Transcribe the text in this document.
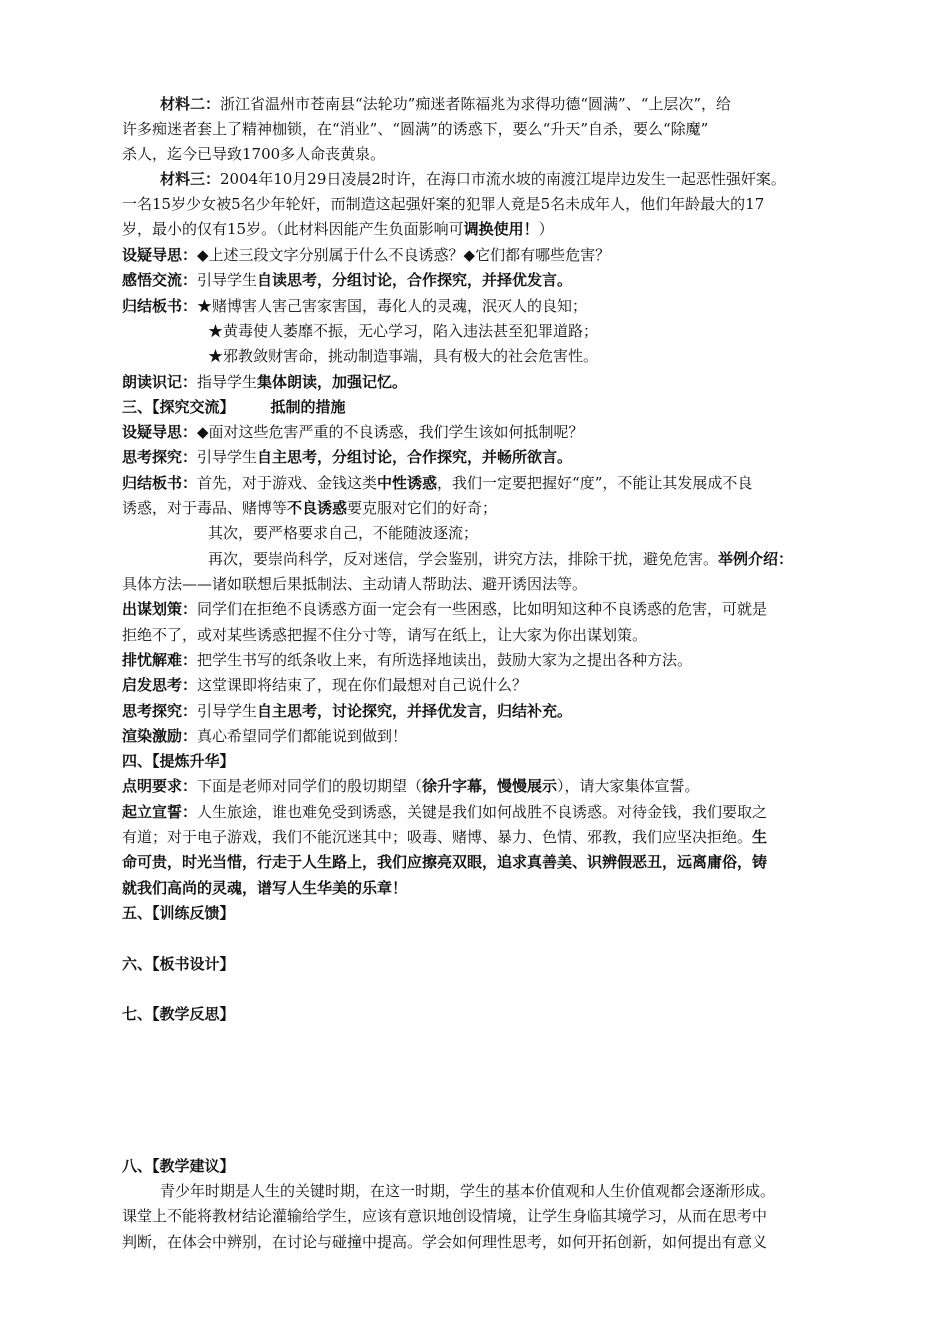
材料二：浙江省温州市苍南县“法轮功”痴迷者陈福兆为求得功德“圆满”、“上层次”，给
许多痴迷者套上了精神枷锁，在“消业”、“圆满”的诱惑下，要么“升天”自杀，要么“除魔”
杀人，迄今已导致1700多人命丧黄泉。
材料三：2004年10月29日凌晨2时许，在海口市流水坡的南渡江堤岸边发生一起恶性强奸案。
一名15岁少女被5名少年轮奸，而制造这起强奸案的犯罪人竟是5名未成年人，他们年龄最大的17
岁，最小的仅有15岁。（此材料因能产生负面影响可调换使用！）
设疑导思：◆上述三段文字分别属于什么不良诱惑？◆它们都有哪些危害？
感悟交流：引导学生自读思考，分组讨论，合作探究，并择优发言。
归结板书：★赌博害人害己害家害国，毒化人的灵魂，泯灭人的良知；
★黄毒使人萎靡不振，无心学习，陷入违法甚至犯罪道路；
★邪教敛财害命，挑动制造事端，具有极大的社会危害性。
朗读识记：指导学生集体朗读，加强记忆。
三、【探究交流】 抵制的措施
设疑导思：◆面对这些危害严重的不良诱惑，我们学生该如何抵制呢？
思考探究：引导学生自主思考，分组讨论，合作探究，并畅所欲言。
归结板书：首先，对于游戏、金钱这类中性诱惑，我们一定要把握好“度”，不能让其发展成不良
诱惑，对于毒品、赌博等不良诱惑要克服对它们的好奇；
其次，要严格要求自己，不能随波逐流；
再次，要崇尚科学，反对迷信，学会鉴别，讲究方法，排除干扰，避免危害。举例介绍：
具体方法——诸如联想后果抵制法、主动请人帮助法、避开诱因法等。
出谋划策：同学们在拒绝不良诱惑方面一定会有一些困惑，比如明知这种不良诱惑的危害，可就是
拒绝不了，或对某些诱惑把握不住分寸等，请写在纸上，让大家为你出谋划策。
排忧解难：把学生书写的纸条收上来，有所选择地读出，鼓励大家为之提出各种方法。
启发思考：这堂课即将结束了，现在你们最想对自己说什么？
思考探究：引导学生自主思考，讨论探究，并择优发言，归结补充。
渲染激励：真心希望同学们都能说到做到！
四、【提炼升华】
点明要求：下面是老师对同学们的殷切期望（徐升字幕，慢慢展示），请大家集体宣誓。
起立宣誓：人生旅途，谁也难免受到诱惑，关键是我们如何战胜不良诱惑。对待金钱，我们要取之
有道；对于电子游戏，我们不能沉迷其中；吸毒、赌博、暴力、色情、邪教，我们应坚决拒绝。生
命可贵，时光当惜，行走于人生路上，我们应擦亮双眼，追求真善美、识辨假恶丑，远离庸俗，铸
就我们高尚的灵魂，谱写人生华美的乐章！
五、【训练反馈】
六、【板书设计】
七、【教学反思】
八、【教学建议】
青少年时期是人生的关键时期，在这一时期，学生的基本价值观和人生价值观都会逐渐形成。
课堂上不能将教材结论灌输给学生，应该有意识地创设情境，让学生身临其境学习，从而在思考中
判断，在体会中辨别，在讨论与碰撞中提高。学会如何理性思考，如何开拓创新，如何提出有意义
